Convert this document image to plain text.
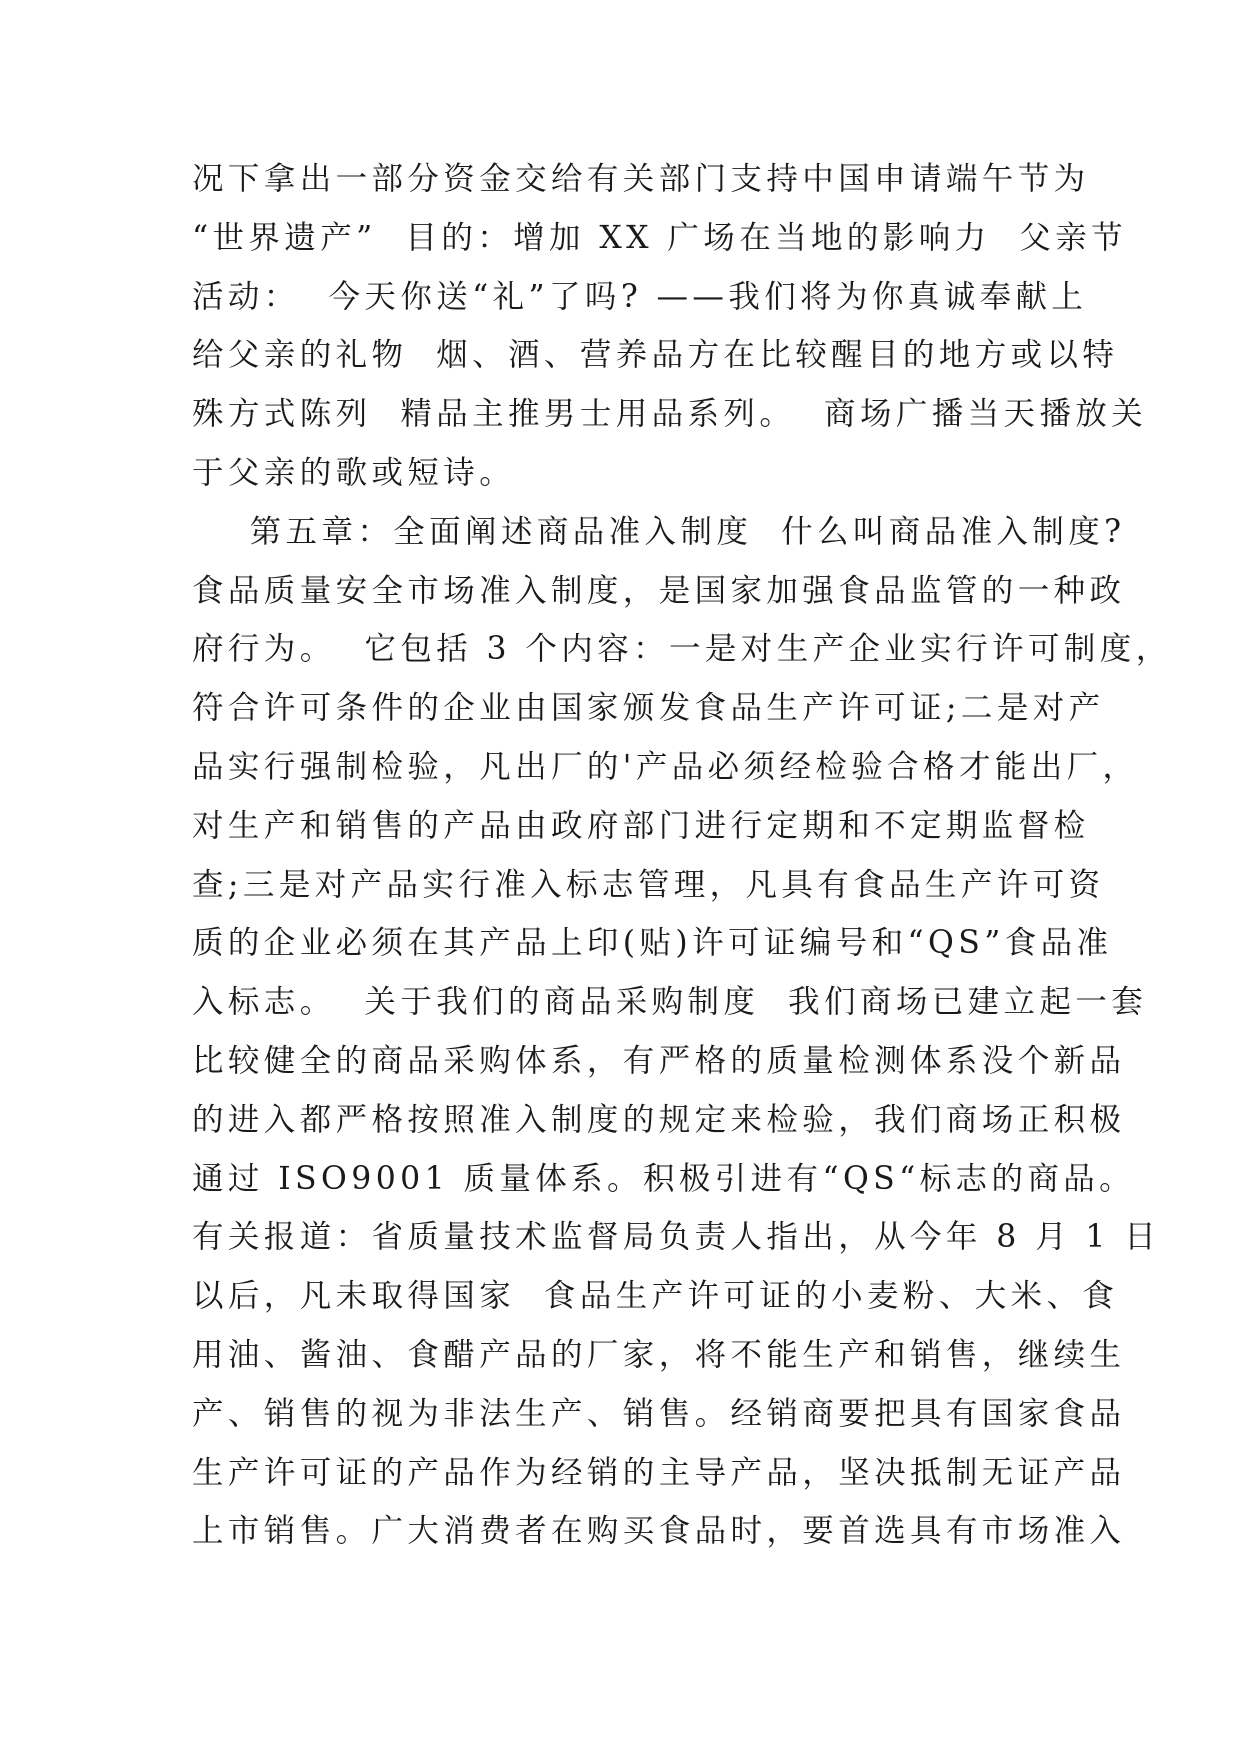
况下拿出一部分资金交给有关部门支持中国申请端午节为
“世界遗产”  目的：增加 XX 广场在当地的影响力  父亲节
活动：  今天你送“礼”了吗? ——我们将为你真诚奉献上
给父亲的礼物  烟、酒、营养品方在比较醒目的地方或以特
殊方式陈列  精品主推男士用品系列。  商场广播当天播放关
于父亲的歌或短诗。
第五章：全面阐述商品准入制度  什么叫商品准入制度?
食品质量安全市场准入制度，是国家加强食品监管的一种政
府行为。  它包括 3 个内容：一是对生产企业实行许可制度，
符合许可条件的企业由国家颁发食品生产许可证;二是对产
品实行强制检验，凡出厂的'产品必须经检验合格才能出厂，
对生产和销售的产品由政府部门进行定期和不定期监督检
查;三是对产品实行准入标志管理，凡具有食品生产许可资
质的企业必须在其产品上印(贴)许可证编号和“QS”食品准
入标志。  关于我们的商品采购制度  我们商场已建立起一套
比较健全的商品采购体系，有严格的质量检测体系没个新品
的进入都严格按照准入制度的规定来检验，我们商场正积极
通过 ISO9001 质量体系。积极引进有“QS“标志的商品。
有关报道：省质量技术监督局负责人指出，从今年 8 月 1 日
以后，凡未取得国家  食品生产许可证的小麦粉、大米、食
用油、酱油、食醋产品的厂家，将不能生产和销售，继续生
产、销售的视为非法生产、销售。经销商要把具有国家食品
生产许可证的产品作为经销的主导产品，坚决抵制无证产品
上市销售。广大消费者在购买食品时，要首选具有市场准入
